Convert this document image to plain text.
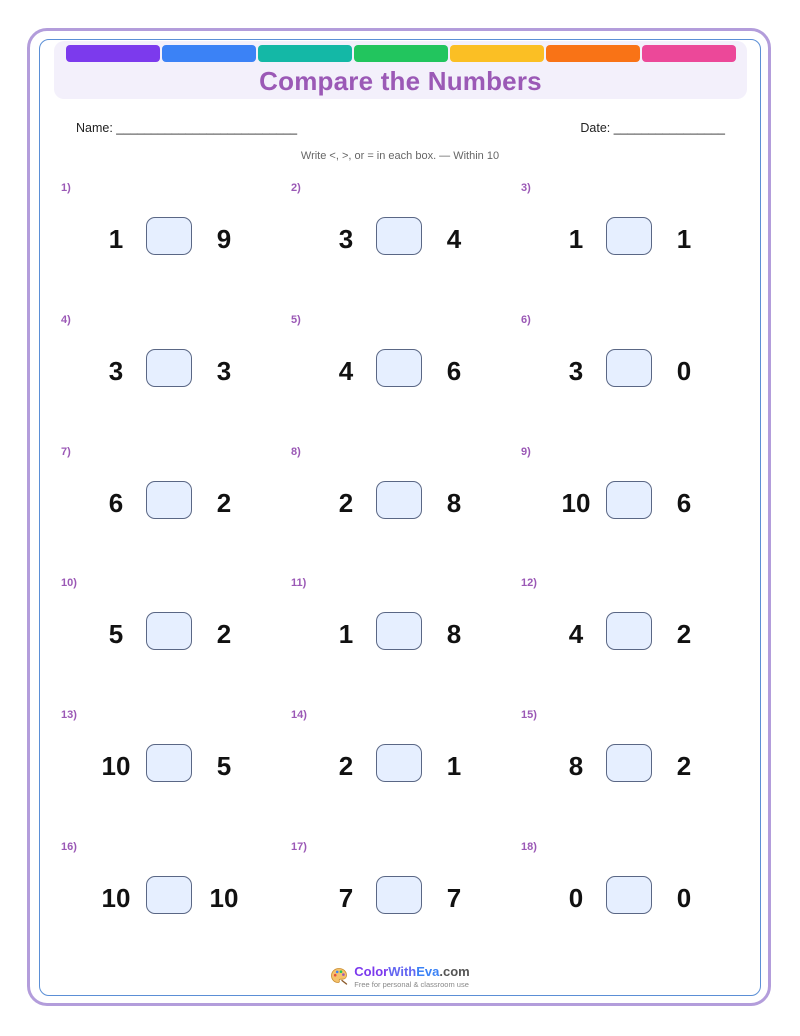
Compare the Numbers
Name: __________________________	Date: ________________
Write <, >, or = in each box. — Within 10
1)
1	9
2)
3	4
3)
1	1
4)
3	3
5)
4	6
6)
3	0
7)
6	2
8)
2	8
9)
10	6
10)
5	2
11)
1	8
12)
4	2
13)
10	5
14)
2	1
15)
8	2
16)
10	10
17)
7	7
18)
0	0
ColorWithEva.com
Free for personal & classroom use
